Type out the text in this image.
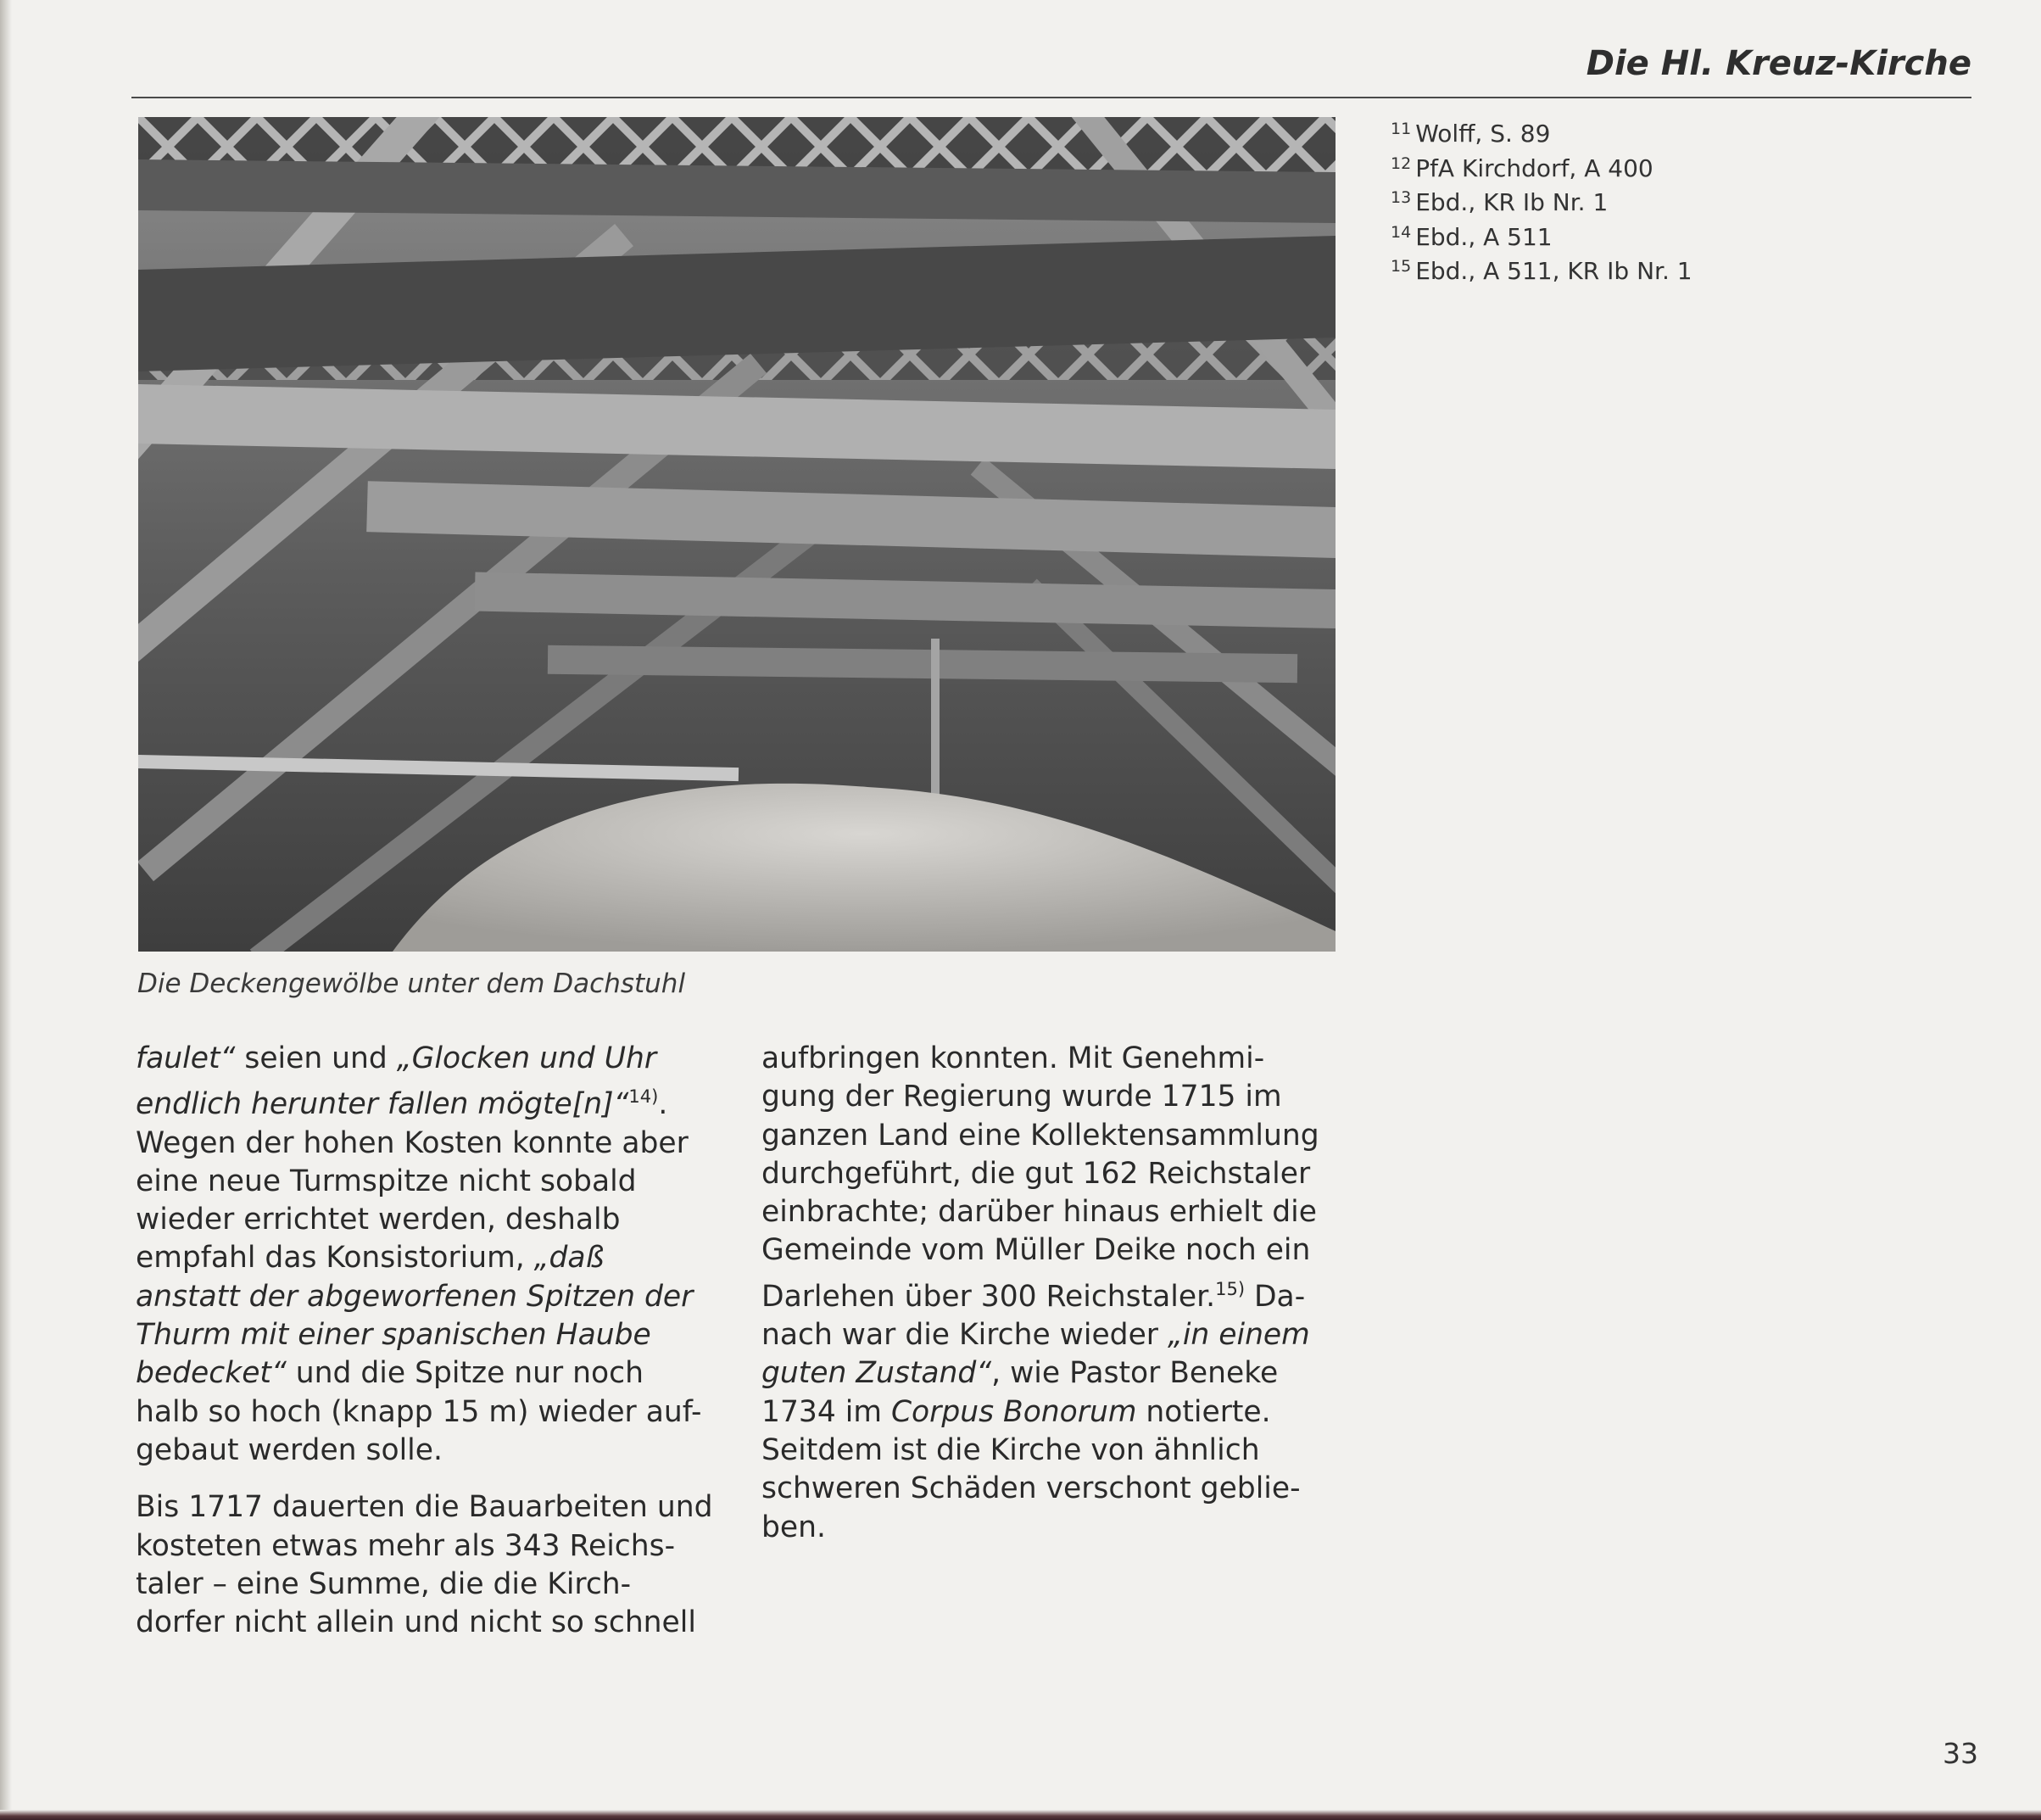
Die Hl. Kreuz-Kirche
Die Deckengewölbe unter dem Dachstuhl
$^{11}$ Wolff, S. 89
$^{12}$ PfA Kirchdorf, A 400
$^{13}$ Ebd., KR Ib Nr. 1
$^{14}$ Ebd., A 511
$^{15}$ Ebd., A 511, KR Ib Nr. 1
faulet“ seien und „Glocken und Uhr
endlich herunter fallen mögte[n]“$^{14)}$.
Wegen der hohen Kosten konnte aber
eine neue Turmspitze nicht sobald
wieder errichtet werden, deshalb
empfahl das Konsistorium, „daß
anstatt der abgeworfenen Spitzen der
Thurm mit einer spanischen Haube
bedecket“ und die Spitze nur noch
halb so hoch (knapp 15 m) wieder auf-
gebaut werden solle.
Bis 1717 dauerten die Bauarbeiten und
kosteten etwas mehr als 343 Reichs-
taler – eine Summe, die die Kirch-
dorfer nicht allein und nicht so schnell
aufbringen konnten. Mit Genehmi-
gung der Regierung wurde 1715 im
ganzen Land eine Kollektensammlung
durchgeführt, die gut 162 Reichstaler
einbrachte; darüber hinaus erhielt die
Gemeinde vom Müller Deike noch ein
Darlehen über 300 Reichstaler.$^{15)}$ Da-
nach war die Kirche wieder „in einem
guten Zustand“, wie Pastor Beneke
1734 im Corpus Bonorum notierte.
Seitdem ist die Kirche von ähnlich
schweren Schäden verschont geblie-
ben.
33
